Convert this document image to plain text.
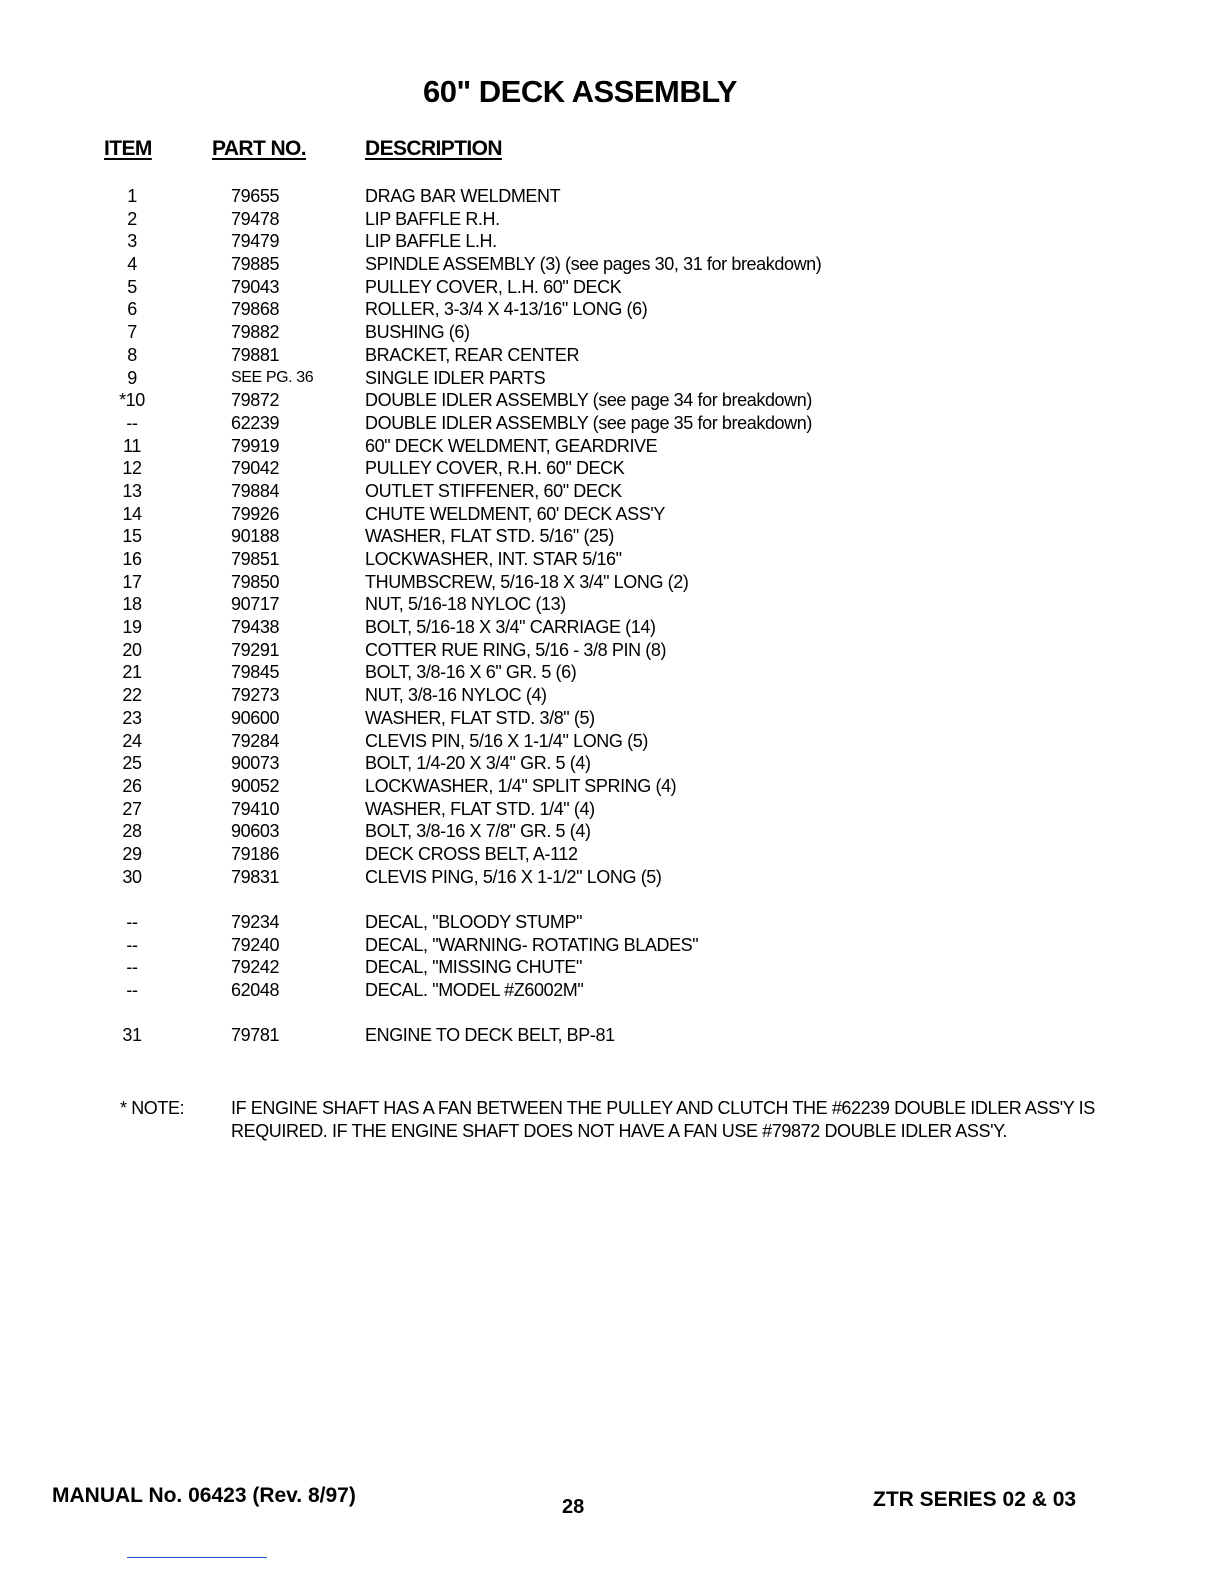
60" DECK ASSEMBLY
ITEM	PART NO.	DESCRIPTION
1	79655	DRAG BAR WELDMENT
2	79478	LIP BAFFLE R.H.
3	79479	LIP BAFFLE L.H.
4	79885	SPINDLE ASSEMBLY (3) (see pages 30, 31 for breakdown)
5	79043	PULLEY COVER, L.H. 60" DECK
6	79868	ROLLER, 3-3/4 X 4-13/16" LONG (6)
7	79882	BUSHING (6)
8	79881	BRACKET, REAR CENTER
9	SEE PG. 36	SINGLE IDLER PARTS
*10	79872	DOUBLE IDLER ASSEMBLY (see page 34 for breakdown)
--	62239	DOUBLE IDLER ASSEMBLY (see page 35 for breakdown)
11	79919	60" DECK WELDMENT, GEARDRIVE
12	79042	PULLEY COVER, R.H. 60" DECK
13	79884	OUTLET STIFFENER, 60" DECK
14	79926	CHUTE WELDMENT, 60' DECK ASS'Y
15	90188	WASHER, FLAT STD. 5/16" (25)
16	79851	LOCKWASHER, INT. STAR 5/16"
17	79850	THUMBSCREW, 5/16-18 X 3/4" LONG (2)
18	90717	NUT, 5/16-18 NYLOC (13)
19	79438	BOLT, 5/16-18 X 3/4" CARRIAGE (14)
20	79291	COTTER RUE RING, 5/16 - 3/8 PIN (8)
21	79845	BOLT, 3/8-16 X 6" GR. 5 (6)
22	79273	NUT, 3/8-16 NYLOC (4)
23	90600	WASHER, FLAT STD. 3/8" (5)
24	79284	CLEVIS PIN, 5/16 X 1-1/4" LONG (5)
25	90073	BOLT, 1/4-20 X 3/4" GR. 5 (4)
26	90052	LOCKWASHER, 1/4" SPLIT SPRING (4)
27	79410	WASHER, FLAT STD. 1/4" (4)
28	90603	BOLT, 3/8-16 X 7/8" GR. 5 (4)
29	79186	DECK CROSS BELT, A-112
30	79831	CLEVIS PING, 5/16 X 1-1/2" LONG (5)
--	79234	DECAL, "BLOODY STUMP"
--	79240	DECAL, "WARNING- ROTATING BLADES"
--	79242	DECAL, "MISSING CHUTE"
--	62048	DECAL. "MODEL #Z6002M"
31	79781	ENGINE TO DECK BELT, BP-81
* NOTE:	IF ENGINE SHAFT HAS A FAN BETWEEN THE PULLEY AND CLUTCH THE #62239 DOUBLE IDLER ASS'Y IS REQUIRED. IF THE ENGINE SHAFT DOES NOT HAVE A FAN USE #79872 DOUBLE IDLER ASS'Y.
MANUAL No. 06423 (Rev. 8/97)	28	ZTR SERIES 02 & 03
